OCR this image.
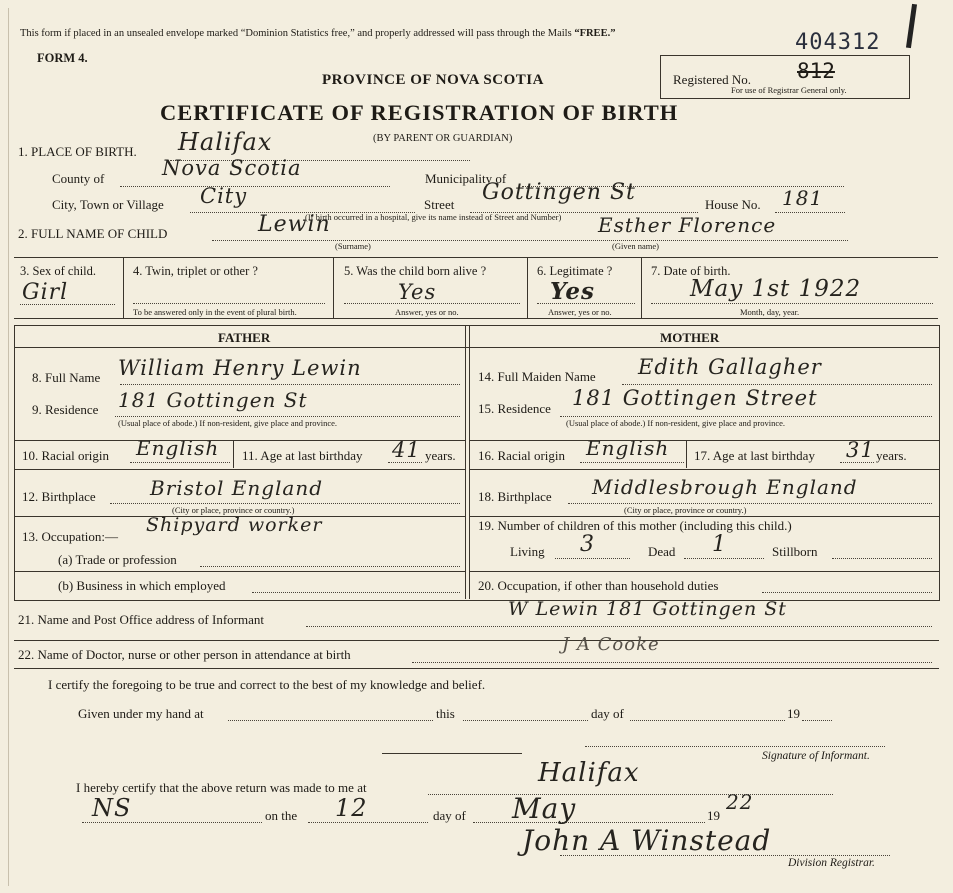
This form if placed in an unsealed envelope marked “Dominion Statistics free,” and properly addressed will pass through the Mails “FREE.”
FORM 4.
PROVINCE OF NOVA SCOTIA
CERTIFICATE OF REGISTRATION OF BIRTH
(BY PARENT OR GUARDIAN)
404312
Registered No. 812
For use of Registrar General only.
1. PLACE OF BIRTH. Halifax
County of	Nova Scotia	Municipality of
City, Town or Village City	Street Gottingen St	House No. 181
(If birth occurred in a hospital, give its name instead of Street and Number)
2. FULL NAME OF CHILD	Lewin	Esther Florence
(Surname)	(Given name)
3. Sex of child.
Girl
4. Twin, triplet or other ?
To be answered only in the event of plural birth.
5. Was the child born alive ?
Yes
Answer, yes or no.
6. Legitimate ?
Yes
Answer, yes or no.
7. Date of birth.
May 1st 1922
Month, day, year.
FATHER	MOTHER
8. Full Name William Henry Lewin
9. Residence 181 Gottingen St
(Usual place of abode.) If non-resident, give place and province.
10. Racial origin English 11. Age at last birthday 41 years.
12. Birthplace	Bristol England
(City or place, province or country.)
13. Occupation:—
Shipyard worker
(a) Trade or profession
(b) Business in which employed
14. Full Maiden Name Edith Gallagher
15. Residence 181 Gottingen Street
(Usual place of abode.) If non-resident, give place and province.
16. Racial origin English 17. Age at last birthday 31 years.
18. Birthplace Middlesbrough England
(City or place, province or country.)
19. Number of children of this mother (including this child.)
Living 3	Dead 1	Stillborn
20. Occupation, if other than household duties
21. Name and Post Office address of Informant	W Lewin 181 Gottingen St
22. Name of Doctor, nurse or other person in attendance at birth	J A Cooke
I certify the foregoing to be true and correct to the best of my knowledge and belief.
Given under my hand at	this	day of	19
Signature of Informant.
I hereby certify that the above return was made to me at	Halifax
NS	on the 12	day of May	19
22
John A Winstead
Division Registrar.
